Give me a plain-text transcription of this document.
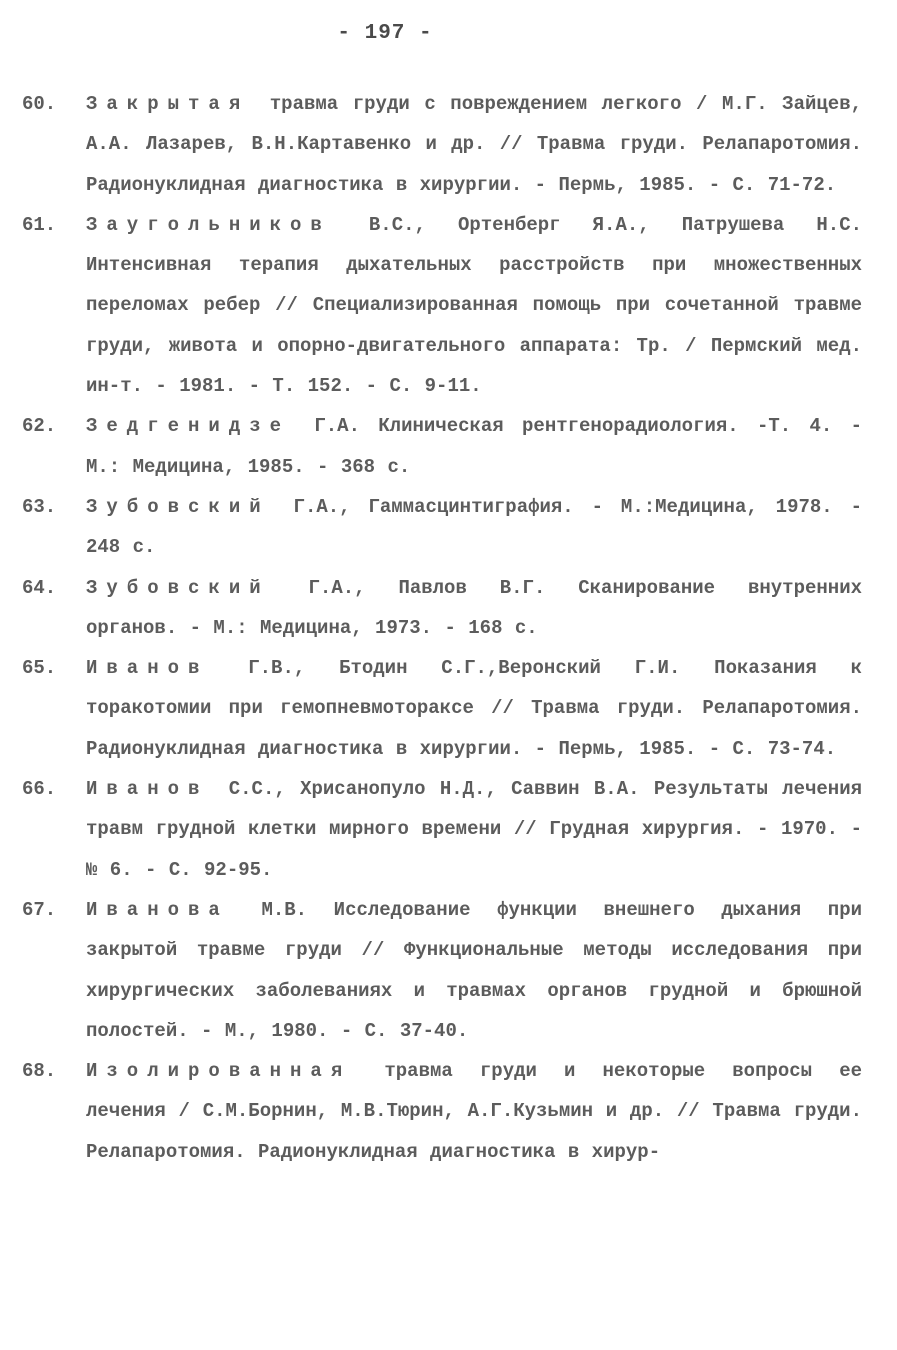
- 197 -
60.	Закрытая травма груди с повреждением легкого / М.Г. Зайцев, А.А. Лазарев, В.Н.Картавенко и др. // Травма груди. Релапаротомия. Радионуклидная диагностика в хирургии. - Пермь, 1985. - С. 71-72.
61.	Заугольников В.С., Ортенберг Я.А., Патрушева Н.С. Интенсивная терапия дыхательных расстройств при множественных переломах ребер // Специализированная помощь при сочетанной травме груди, живота и опорно-двигательного аппарата: Тр. / Пермский мед. ин-т. - 1981. - Т. 152. - С. 9-11.
62.	Зедгенидзе Г.А. Клиническая рентгенорадиология. -Т. 4. - М.: Медицина, 1985. - 368 с.
63.	Зубовский Г.А., Гаммасцинтиграфия. - М.:Медицина, 1978. - 248 с.
64.	Зубовский Г.А., Павлов В.Г. Сканирование внутренних органов. - М.: Медицина, 1973. - 168 с.
65.	Иванов Г.В., Бтодин С.Г.,Веронский Г.И. Показания к торакотомии при гемопневмотораксе // Травма груди. Релапаротомия. Радионуклидная диагностика в хирургии. - Пермь, 1985. - С. 73-74.
66.	Иванов С.С., Хрисанопуло Н.Д., Саввин В.А. Результаты лечения травм грудной клетки мирного времени // Грудная хирургия. - 1970. - № 6. - С. 92-95.
67.	Иванова М.В. Исследование функции внешнего дыхания при закрытой травме груди // Функциональные методы исследования при хирургических заболеваниях и травмах органов грудной и брюшной полостей. - М., 1980. - С. 37-40.
68.	Изолированная травма груди и некоторые вопросы ее лечения / С.М.Борнин, М.В.Тюрин, А.Г.Кузьмин и др. // Травма груди. Релапаротомия. Радионуклидная диагностика в хирур-
